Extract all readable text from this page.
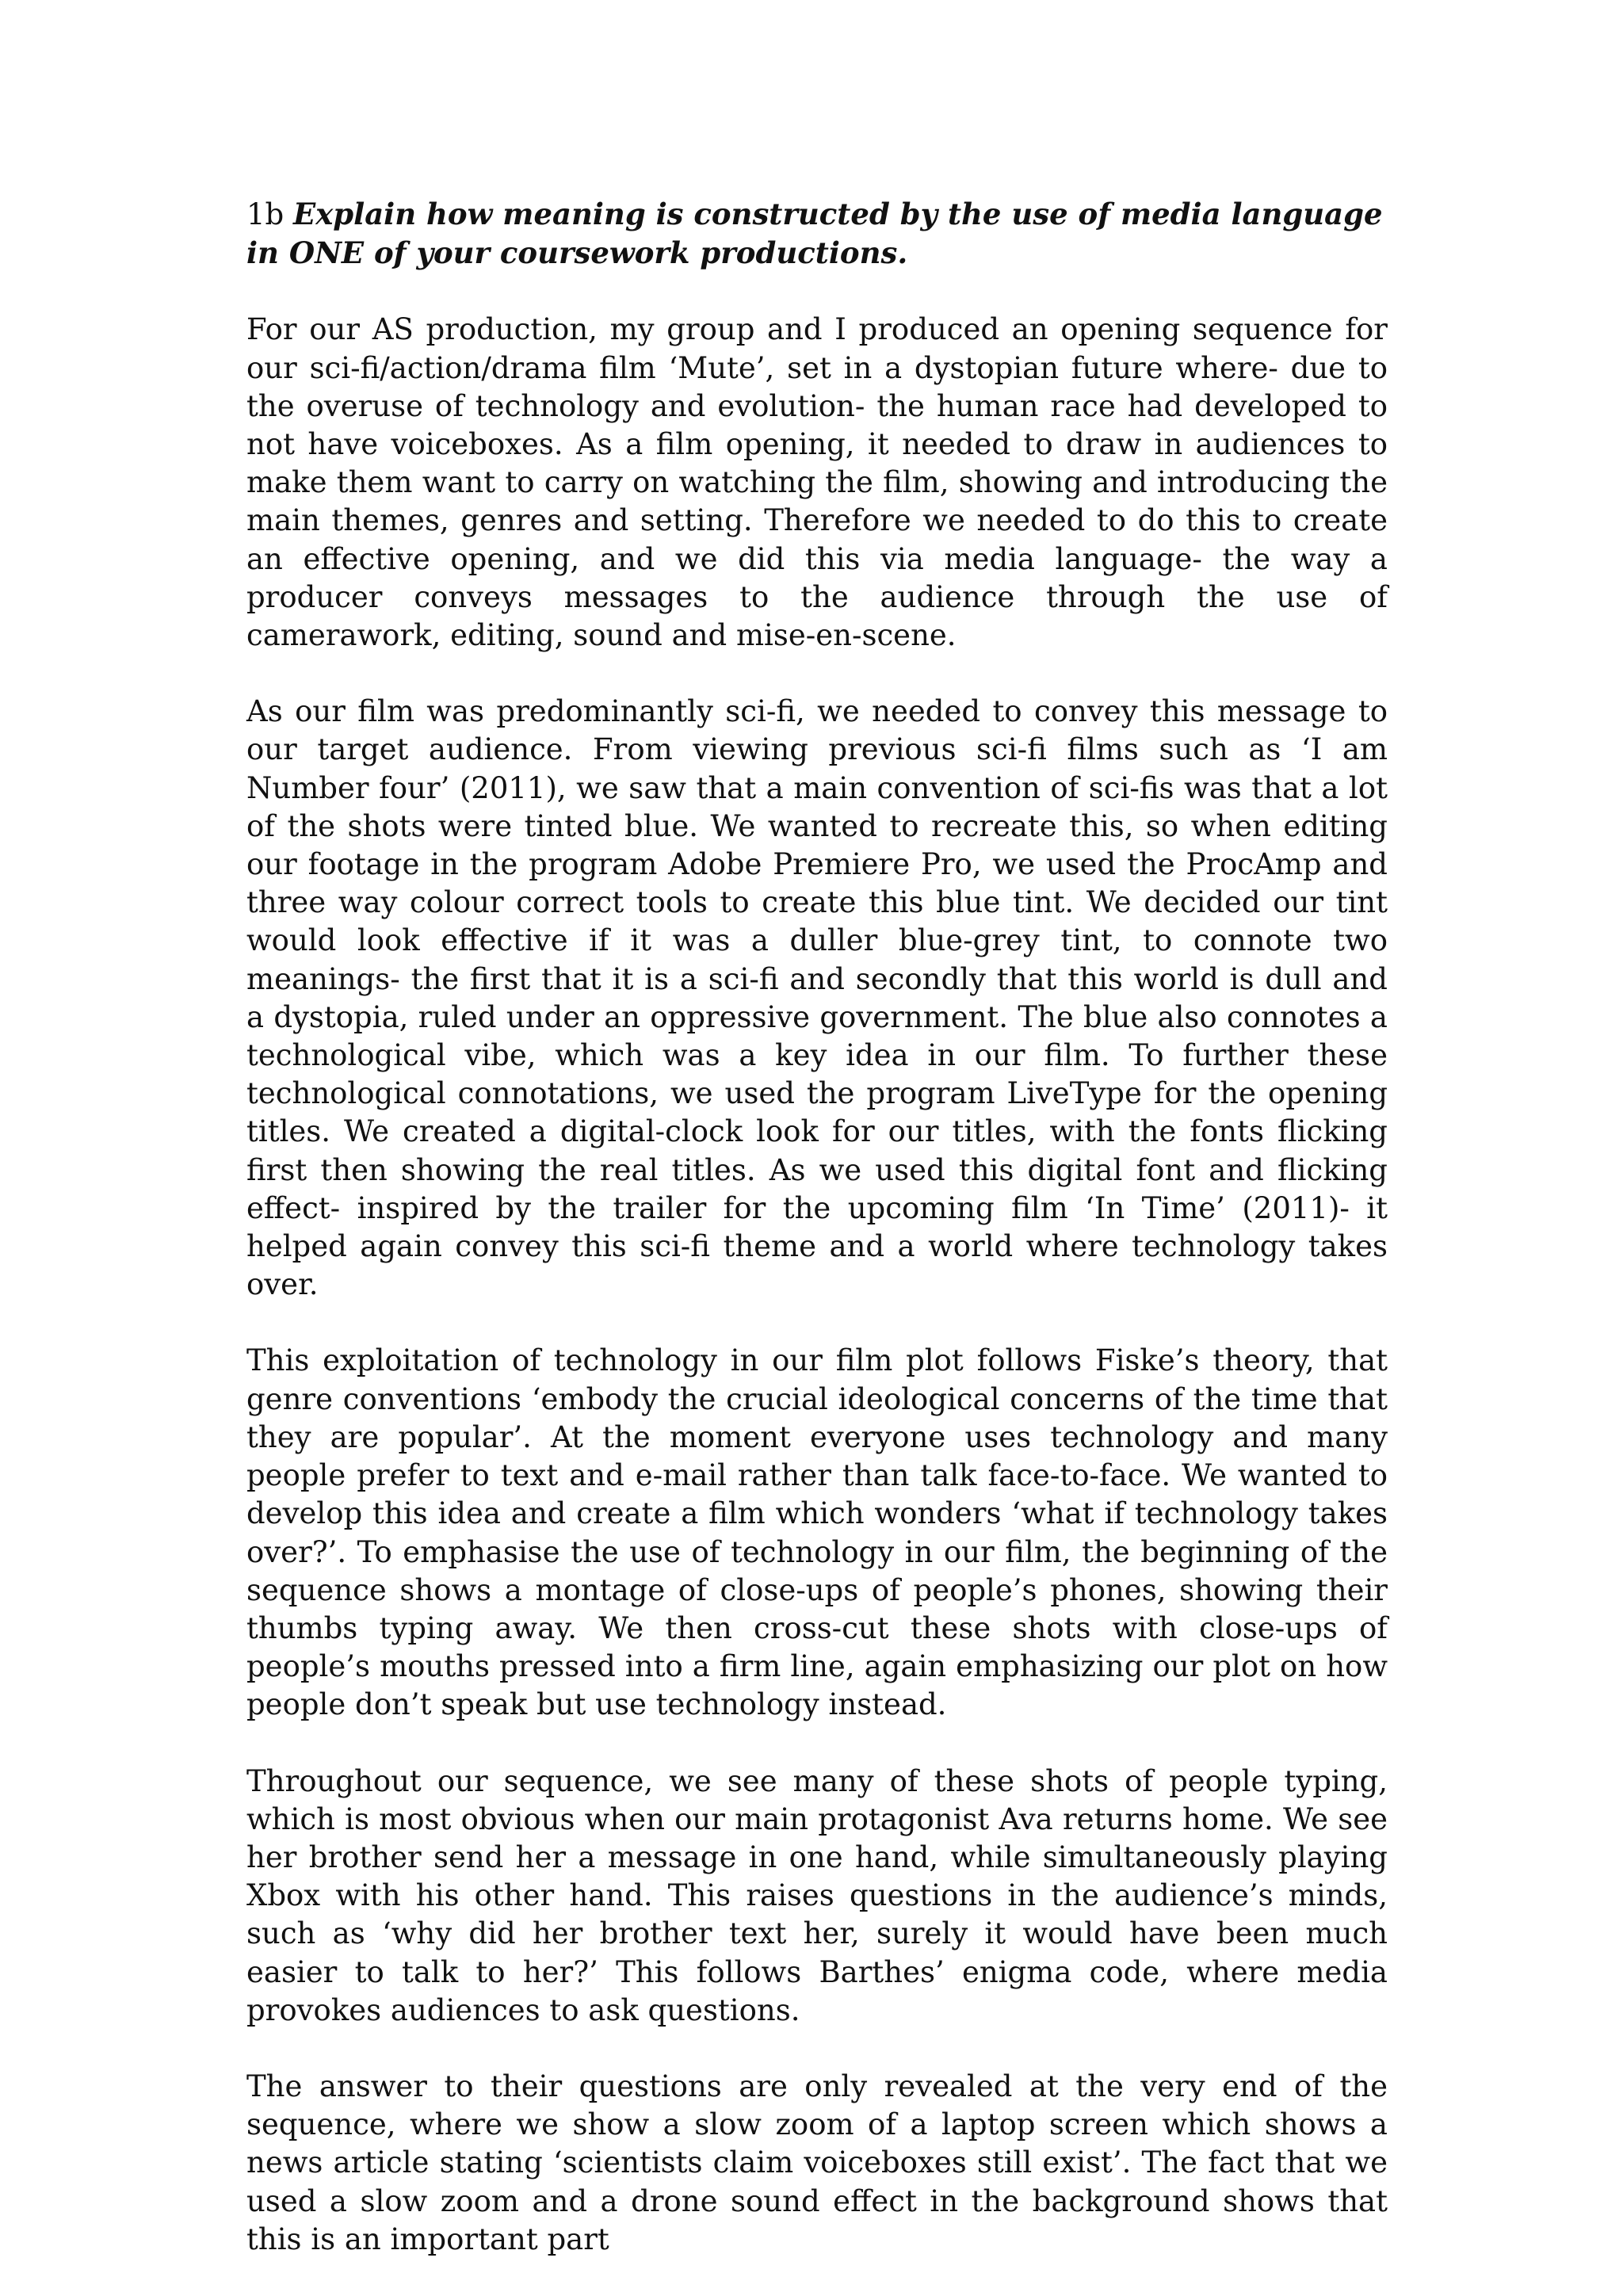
1b Explain how meaning is constructed by the use of media language in ONE of your coursework productions.

For our AS production, my group and I produced an opening sequence for our sci-fi/action/drama film ‘Mute’, set in a dystopian future where- due to the overuse of technology and evolution- the human race had developed to not have voiceboxes. As a film opening, it needed to draw in audiences to make them want to carry on watching the film, showing and introducing the main themes, genres and setting. Therefore we needed to do this to create an effective opening, and we did this via media language- the way a producer conveys messages to the audience through the use of camerawork, editing, sound and mise-en-scene.

As our film was predominantly sci-fi, we needed to convey this message to our target audience. From viewing previous sci-fi films such as ‘I am Number four’ (2011), we saw that a main convention of sci-fis was that a lot of the shots were tinted blue. We wanted to recreate this, so when editing our footage in the program Adobe Premiere Pro, we used the ProcAmp and three way colour correct tools to create this blue tint. We decided our tint would look effective if it was a duller blue-grey tint, to connote two meanings- the first that it is a sci-fi and secondly that this world is dull and a dystopia, ruled under an oppressive government. The blue also connotes a technological vibe, which was a key idea in our film. To further these technological connotations, we used the program LiveType for the opening titles. We created a digital-clock look for our titles, with the fonts flicking first then showing the real titles. As we used this digital font and flicking effect- inspired by the trailer for the upcoming film ‘In Time’ (2011)- it helped again convey this sci-fi theme and a world where technology takes over.

This exploitation of technology in our film plot follows Fiske’s theory, that genre conventions ‘embody the crucial ideological concerns of the time that they are popular’. At the moment everyone uses technology and many people prefer to text and e-mail rather than talk face-to-face. We wanted to develop this idea and create a film which wonders ‘what if technology takes over?’. To emphasise the use of technology in our film, the beginning of the sequence shows a montage of close-ups of people’s phones, showing their thumbs typing away. We then cross-cut these shots with close-ups of people’s mouths pressed into a firm line, again emphasizing our plot on how people don’t speak but use technology instead.

Throughout our sequence, we see many of these shots of people typing, which is most obvious when our main protagonist Ava returns home. We see her brother send her a message in one hand, while simultaneously playing Xbox with his other hand. This raises questions in the audience’s minds, such as ‘why did her brother text her, surely it would have been much easier to talk to her?’ This follows Barthes’ enigma code, where media provokes audiences to ask questions.

The answer to their questions are only revealed at the very end of the sequence, where we show a slow zoom of a laptop screen which shows a news article stating ‘scientists claim voiceboxes still exist’. The fact that we used a slow zoom and a drone sound effect in the background shows that this is an important part
